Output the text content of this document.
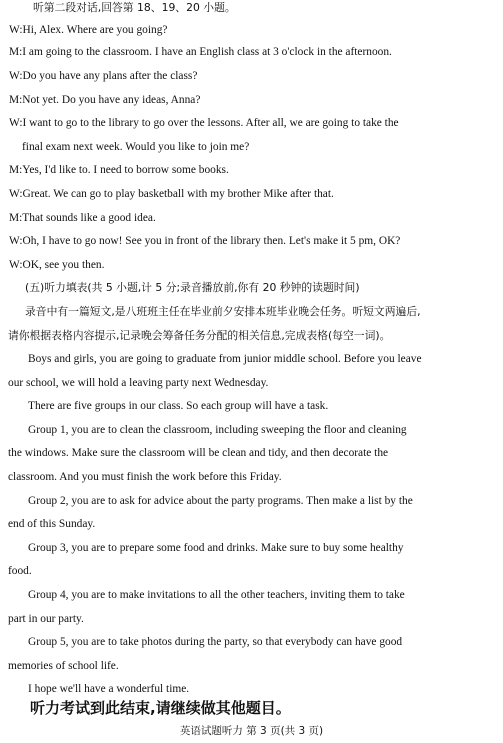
听第二段对话,回答第 18、19、20 小题。
W:Hi, Alex. Where are you going?
M:I am going to the classroom. I have an English class at 3 o'clock in the afternoon.
W:Do you have any plans after the class?
M:Not yet. Do you have any ideas, Anna?
W:I want to go to the library to go over the lessons. After all, we are going to take the
final exam next week. Would you like to join me?
M:Yes, I'd like to. I need to borrow some books.
W:Great. We can go to play basketball with my brother Mike after that.
M:That sounds like a good idea.
W:Oh, I have to go now! See you in front of the library then. Let's make it 5 pm, OK?
W:OK, see you then.
(五)听力填表(共 5 小题,计 5 分;录音播放前,你有 20 秒钟的读题时间)
录音中有一篇短文,是八班班主任在毕业前夕安排本班毕业晚会任务。听短文两遍后,
请你根据表格内容提示,记录晚会筹备任务分配的相关信息,完成表格(每空一词)。
Boys and girls, you are going to graduate from junior middle school. Before you leave
our school, we will hold a leaving party next Wednesday.
There are five groups in our class. So each group will have a task.
Group 1, you are to clean the classroom, including sweeping the floor and cleaning
the windows. Make sure the classroom will be clean and tidy, and then decorate the
classroom. And you must finish the work before this Friday.
Group 2, you are to ask for advice about the party programs. Then make a list by the
end of this Sunday.
Group 3, you are to prepare some food and drinks. Make sure to buy some healthy
food.
Group 4, you are to make invitations to all the other teachers, inviting them to take
part in our party.
Group 5, you are to take photos during the party, so that everybody can have good
memories of school life.
I hope we'll have a wonderful time.
听力考试到此结束,请继续做其他题目。
英语试题听力 第 3 页(共 3 页)
